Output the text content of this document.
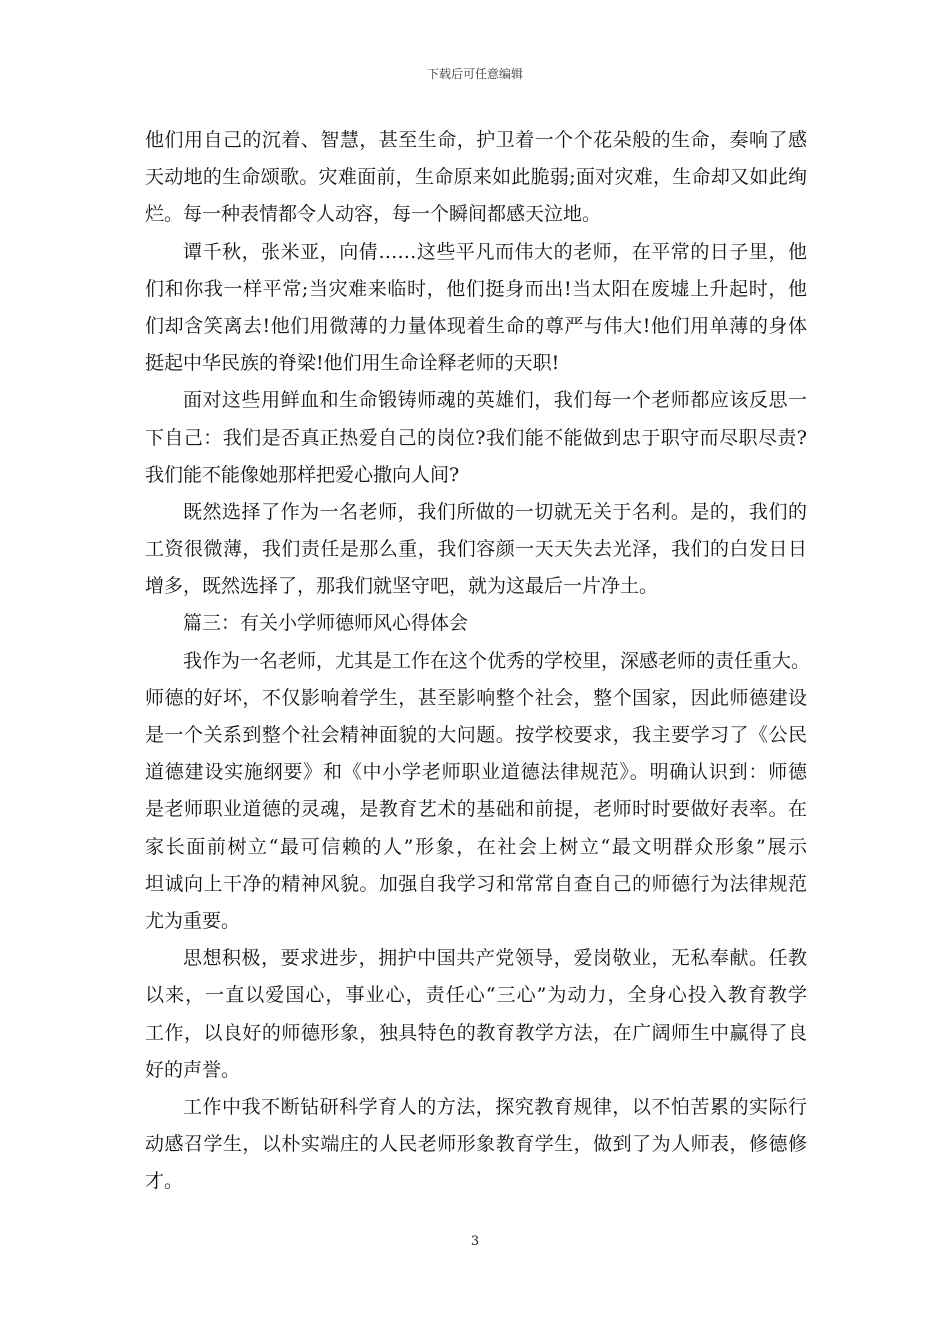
下载后可任意编辑
他们用自己的沉着、智慧，甚至生命，护卫着一个个花朵般的生命，奏响了感
天动地的生命颂歌。灾难面前，生命原来如此脆弱;面对灾难，生命却又如此绚
烂。每一种表情都令人动容，每一个瞬间都感天泣地。
谭千秋，张米亚，向倩……这些平凡而伟大的老师，在平常的日子里，他
们和你我一样平常;当灾难来临时，他们挺身而出!当太阳在废墟上升起时，他
们却含笑离去!他们用微薄的力量体现着生命的尊严与伟大!他们用单薄的身体
挺起中华民族的脊梁!他们用生命诠释老师的天职!
面对这些用鲜血和生命锻铸师魂的英雄们，我们每一个老师都应该反思一
下自己：我们是否真正热爱自己的岗位?我们能不能做到忠于职守而尽职尽责?
我们能不能像她那样把爱心撒向人间?
既然选择了作为一名老师，我们所做的一切就无关于名利。是的，我们的
工资很微薄，我们责任是那么重，我们容颜一天天失去光泽，我们的白发日日
增多，既然选择了，那我们就坚守吧，就为这最后一片净土。
篇三：有关小学师德师风心得体会
我作为一名老师，尤其是工作在这个优秀的学校里，深感老师的责任重大。
师德的好坏，不仅影响着学生，甚至影响整个社会，整个国家，因此师德建设
是一个关系到整个社会精神面貌的大问题。按学校要求，我主要学习了《公民
道德建设实施纲要》和《中小学老师职业道德法律规范》。明确认识到：师德
是老师职业道德的灵魂，是教育艺术的基础和前提，老师时时要做好表率。在
家长面前树立“最可信赖的人”形象，在社会上树立“最文明群众形象”展示
坦诚向上干净的精神风貌。加强自我学习和常常自查自己的师德行为法律规范
尤为重要。
思想积极，要求进步，拥护中国共产党领导，爱岗敬业，无私奉献。任教
以来，一直以爱国心，事业心，责任心“三心”为动力，全身心投入教育教学
工作，以良好的师德形象，独具特色的教育教学方法，在广阔师生中赢得了良
好的声誉。
工作中我不断钻研科学育人的方法，探究教育规律，以不怕苦累的实际行
动感召学生，以朴实端庄的人民老师形象教育学生，做到了为人师表，修德修
才。
3
